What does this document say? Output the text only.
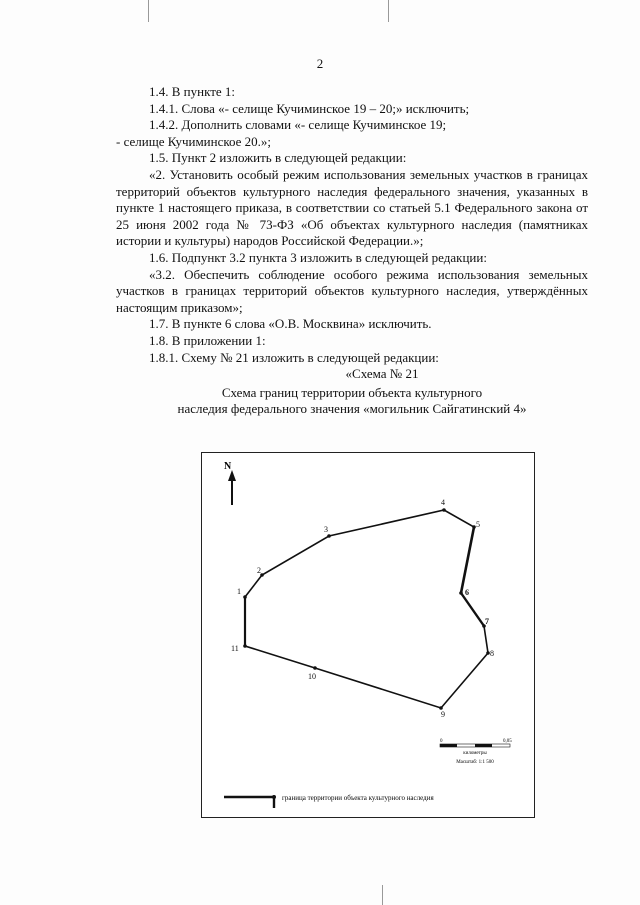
2

1.4. В пункте 1:

1.4.1. Слова «- селище Кучиминское 19 – 20;» исключить;

1.4.2. Дополнить словами «- селище Кучиминское 19;

- селище Кучиминское 20.»;

1.5. Пункт 2 изложить в следующей редакции:

«2. Установить особый режим использования земельных участков в границах территорий объектов культурного наследия федерального значения, указанных в пункте 1 настоящего приказа, в соответствии со статьей 5.1 Федерального закона от 25 июня 2002 года № 73-ФЗ «Об объектах культурного наследия (памятниках истории и культуры) народов Российской Федерации.»;

1.6. Подпункт 3.2 пункта 3 изложить в следующей редакции:

«3.2. Обеспечить соблюдение особого режима использования земельных участков в границах территорий объектов культурного наследия, утверждённых настоящим приказом»;

1.7. В пункте 6 слова «О.В. Москвина» исключить.

1.8. В приложении 1:

1.8.1. Схему № 21 изложить в следующей редакции:

«Схема № 21

Схема границ территории объекта культурного

наследия федерального значения «могильник Сайгатинский 4»

N
1
2
3
4
5
6
7
8
9
10
11
0	0,05
километры
Масштаб: 1:1 500
граница территории объекта культурного наследия
